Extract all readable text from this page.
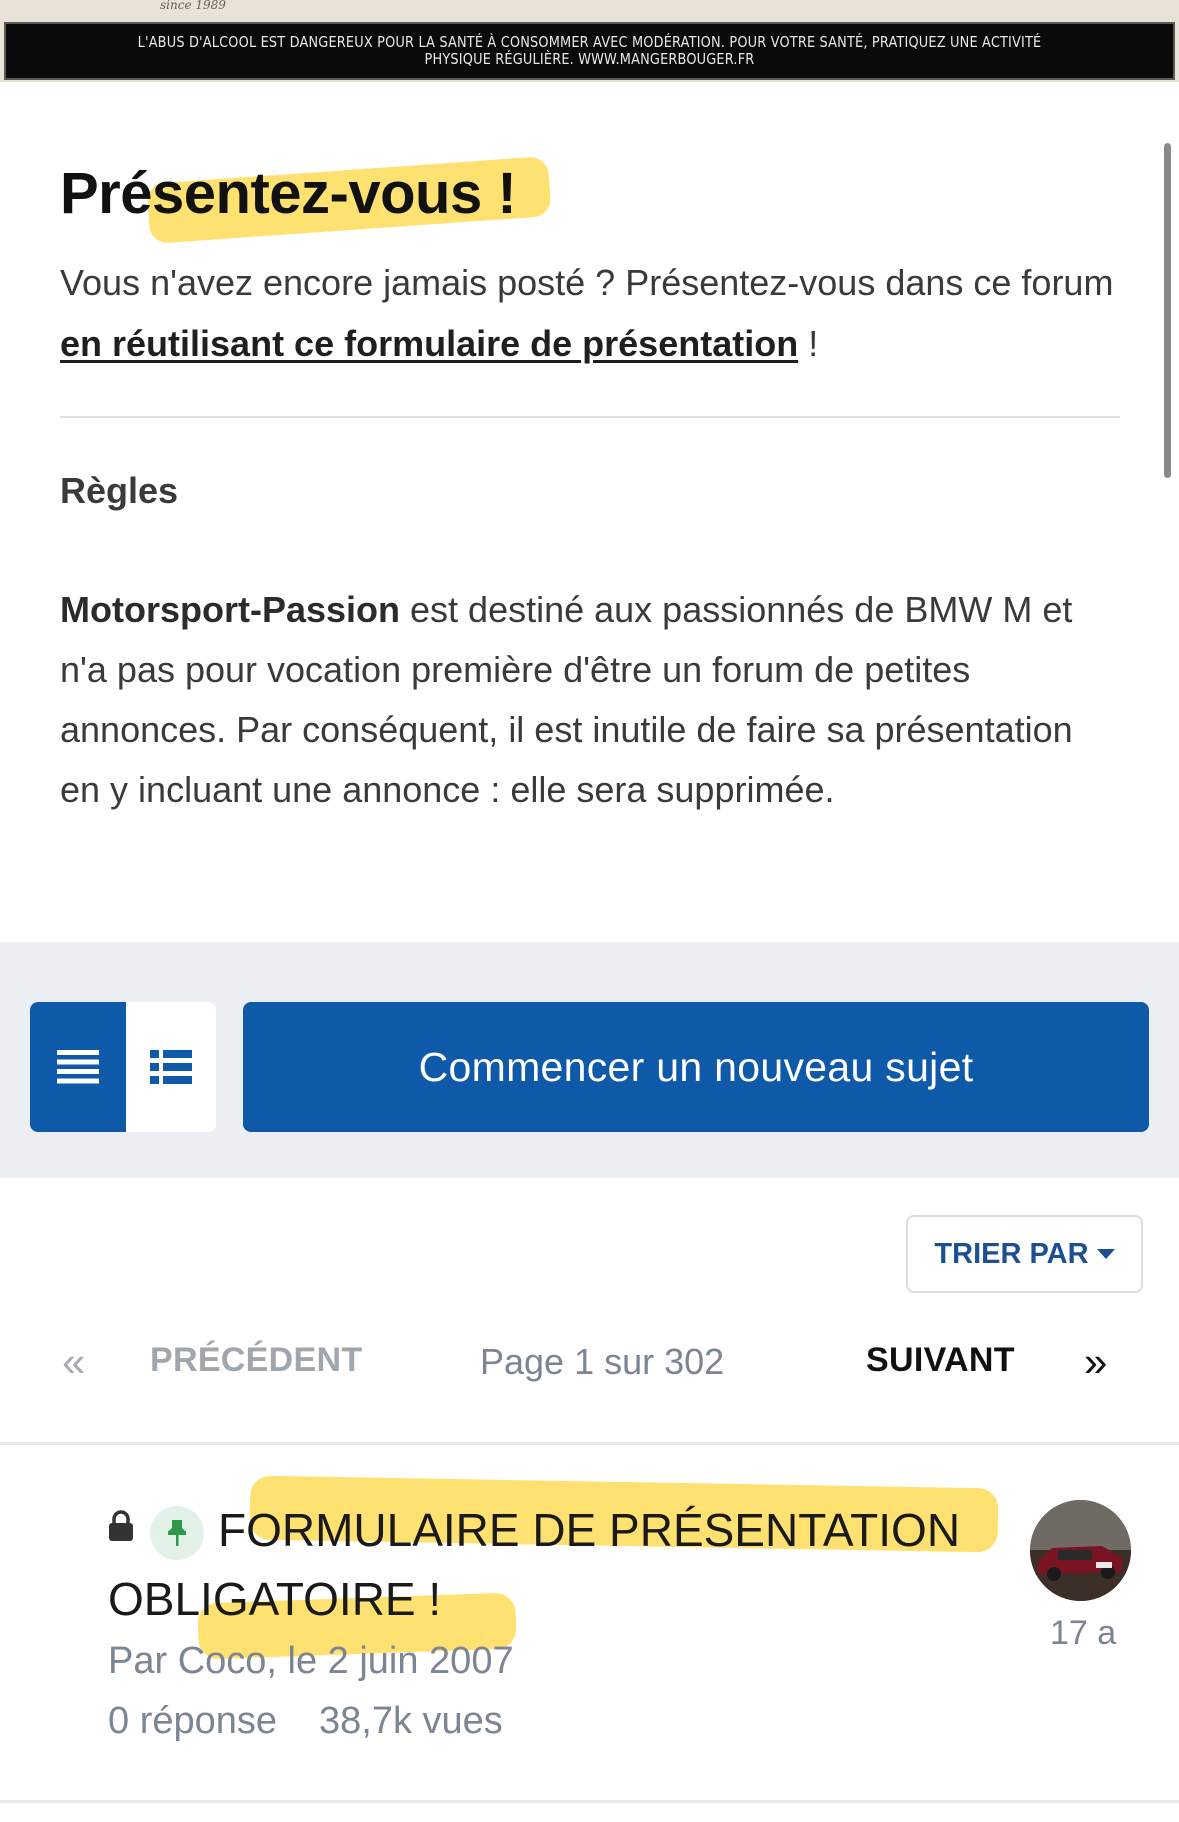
since 1989
L'ABUS D'ALCOOL EST DANGEREUX POUR LA SANTÉ À CONSOMMER AVEC MODÉRATION. POUR VOTRE SANTÉ, PRATIQUEZ UNE ACTIVITÉ PHYSIQUE RÉGULIÈRE. WWW.MANGERBOUGER.FR
Présentez-vous !

Vous n'avez encore jamais posté ? Présentez-vous dans ce forum en réutilisant ce formulaire de présentation !

Règles

Motorsport-Passion est destiné aux passionnés de BMW M et n'a pas pour vocation première d'être un forum de petites annonces. Par conséquent, il est inutile de faire sa présentation en y incluant une annonce : elle sera supprimée.

Commencer un nouveau sujet
TRIER PAR
« PRÉCÉDENT	Page 1 sur 302	SUIVANT »
FORMULAIRE DE PRÉSENTATION OBLIGATOIRE !
Par Coco, le 2 juin 2007
0 réponse 38,7k vues
17 a
